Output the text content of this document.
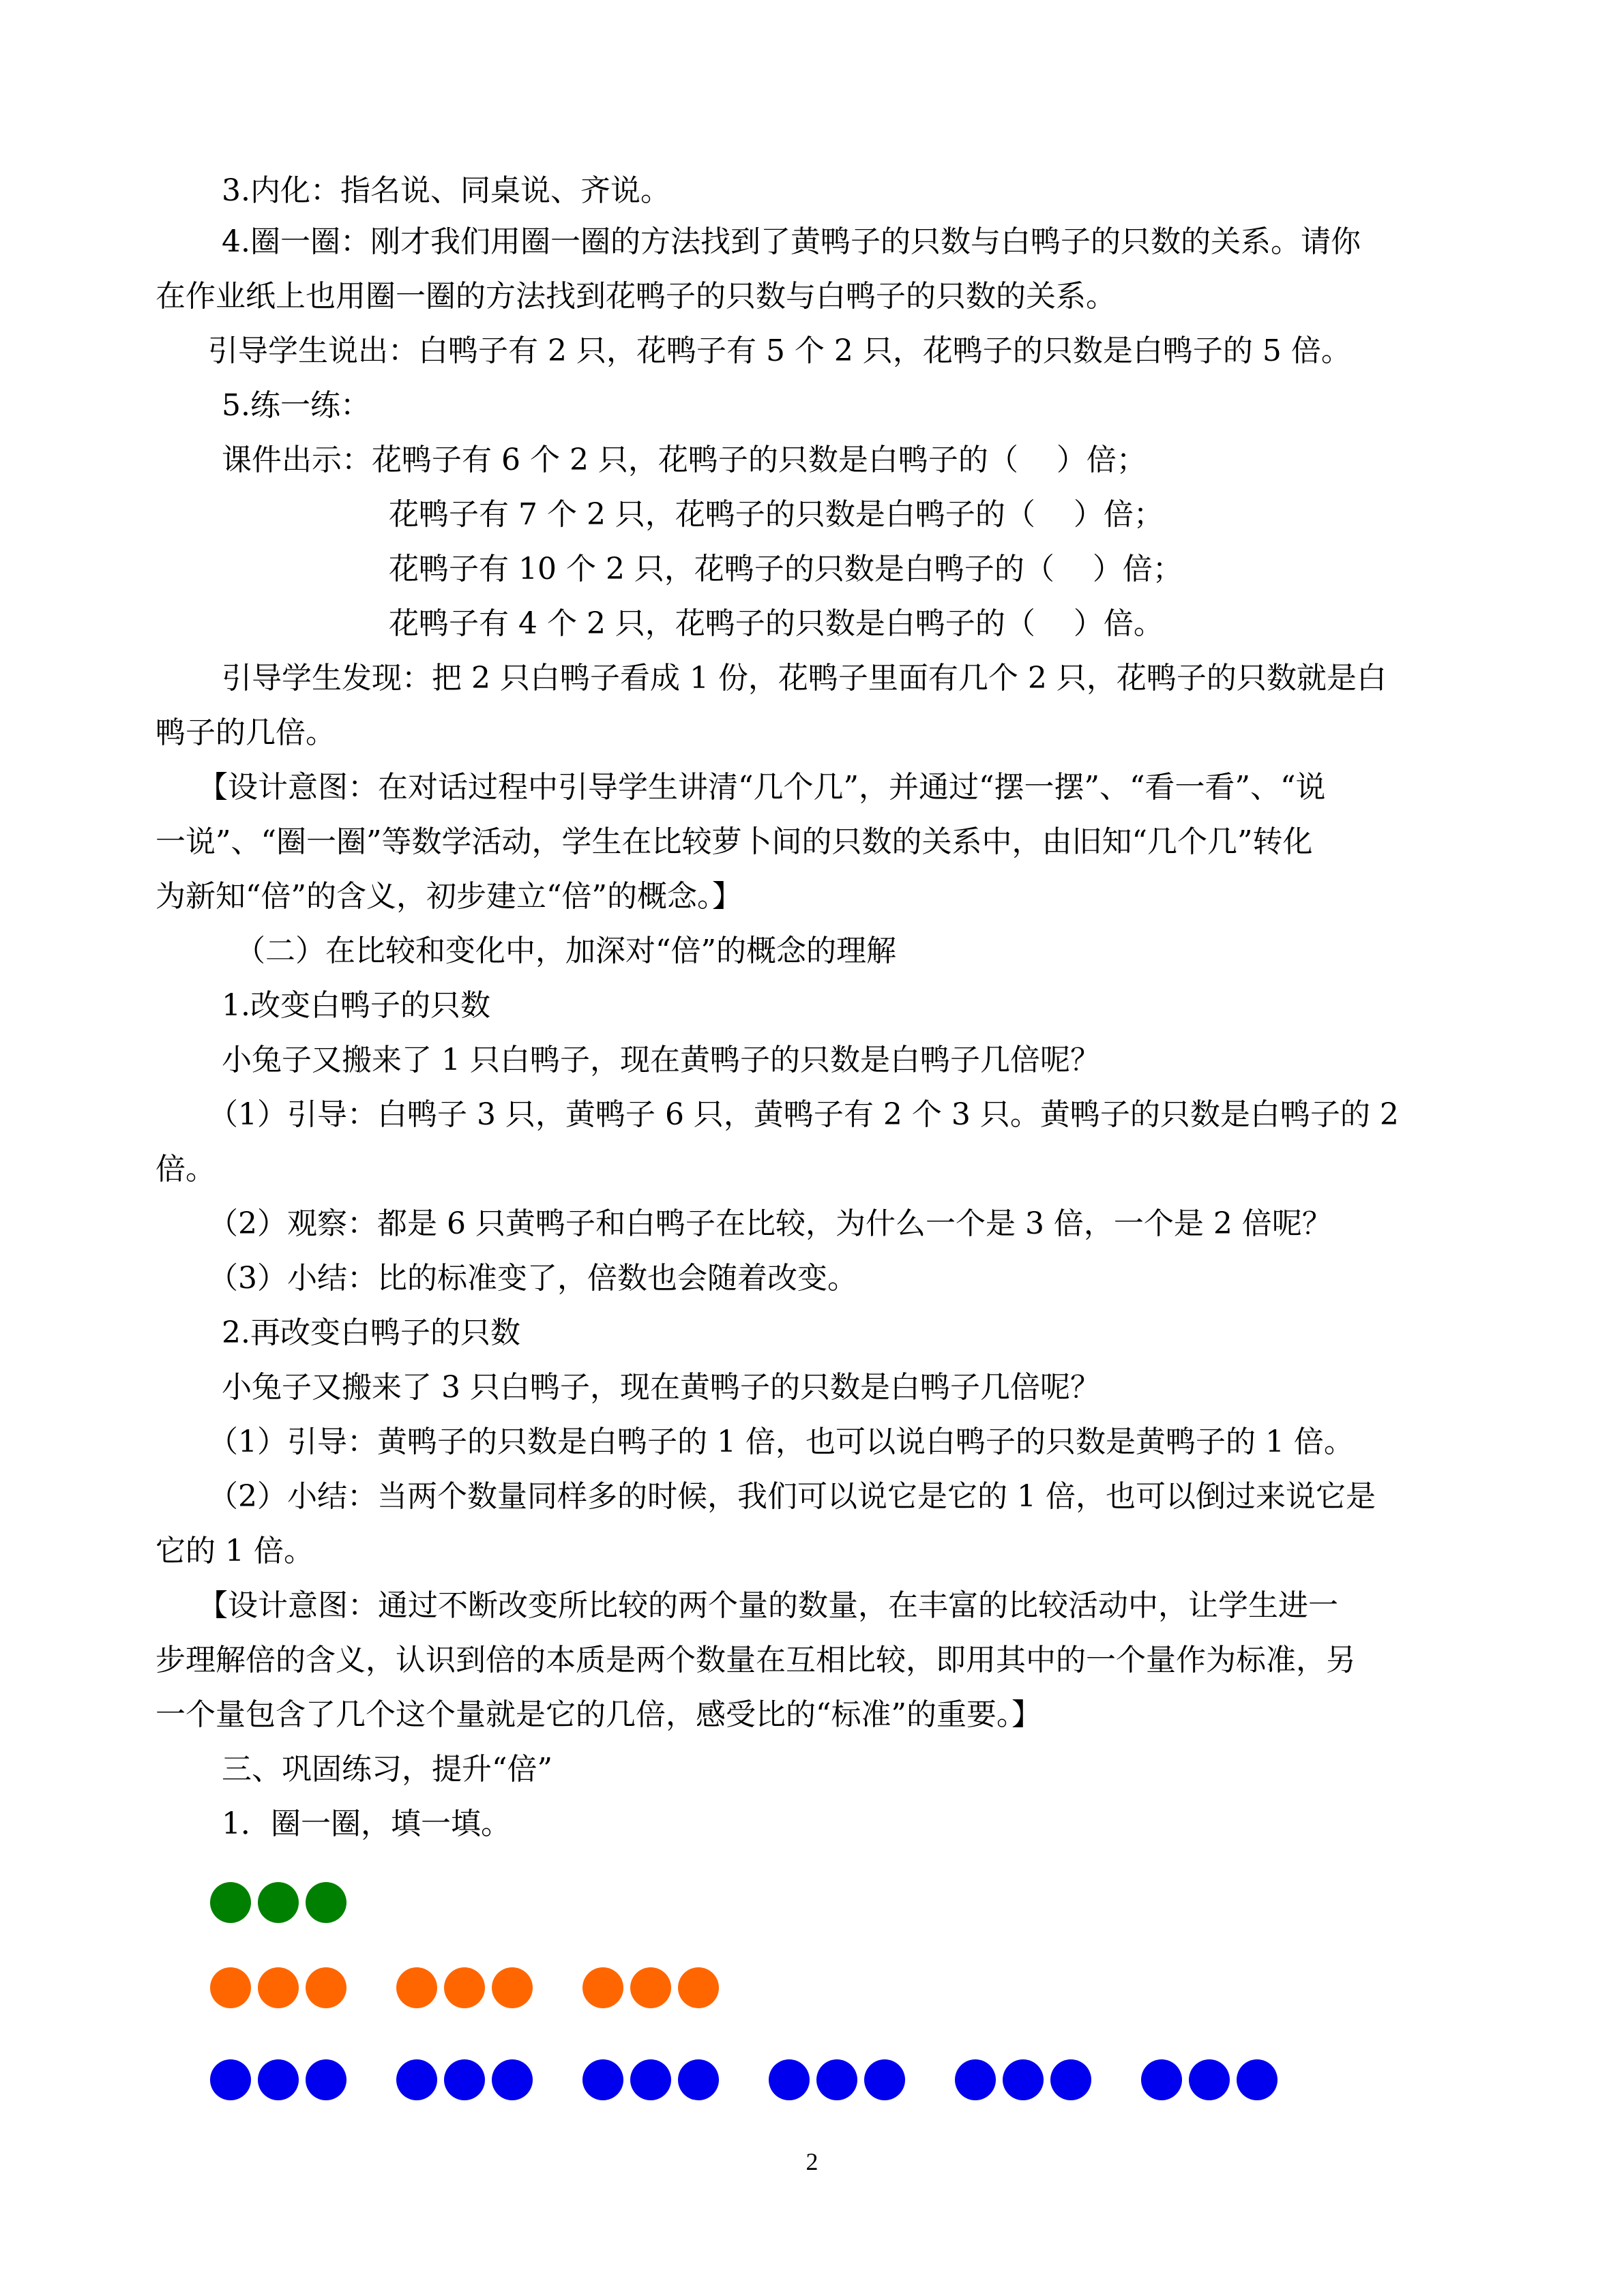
3.内化：指名说、同桌说、齐说。
4.圈一圈：刚才我们用圈一圈的方法找到了黄鸭子的只数与白鸭子的只数的关系。请你
在作业纸上也用圈一圈的方法找到花鸭子的只数与白鸭子的只数的关系。
引导学生说出：白鸭子有 2 只，花鸭子有 5 个 2 只，花鸭子的只数是白鸭子的 5 倍。
5.练一练：
课件出示：花鸭子有 6 个 2 只，花鸭子的只数是白鸭子的（    ）倍；
花鸭子有 7 个 2 只，花鸭子的只数是白鸭子的（    ）倍；
花鸭子有 10 个 2 只，花鸭子的只数是白鸭子的（    ）倍；
花鸭子有 4 个 2 只，花鸭子的只数是白鸭子的（    ）倍。
引导学生发现：把 2 只白鸭子看成 1 份，花鸭子里面有几个 2 只，花鸭子的只数就是白
鸭子的几倍。
【设计意图：在对话过程中引导学生讲清“几个几”，并通过“摆一摆”、“看一看”、“说
一说”、“圈一圈”等数学活动，学生在比较萝卜间的只数的关系中，由旧知“几个几”转化
为新知“倍”的含义，初步建立“倍”的概念。】
（二）在比较和变化中，加深对“倍”的概念的理解
1.改变白鸭子的只数
小兔子又搬来了 1 只白鸭子，现在黄鸭子的只数是白鸭子几倍呢？
（1）引导：白鸭子 3 只，黄鸭子 6 只，黄鸭子有 2 个 3 只。黄鸭子的只数是白鸭子的 2
倍。
（2）观察：都是 6 只黄鸭子和白鸭子在比较，为什么一个是 3 倍，一个是 2 倍呢？
（3）小结：比的标准变了，倍数也会随着改变。
2.再改变白鸭子的只数
小兔子又搬来了 3 只白鸭子，现在黄鸭子的只数是白鸭子几倍呢？
（1）引导：黄鸭子的只数是白鸭子的 1 倍，也可以说白鸭子的只数是黄鸭子的 1 倍。
（2）小结：当两个数量同样多的时候，我们可以说它是它的 1 倍，也可以倒过来说它是
它的 1 倍。
【设计意图：通过不断改变所比较的两个量的数量，在丰富的比较活动中，让学生进一
步理解倍的含义，认识到倍的本质是两个数量在互相比较，即用其中的一个量作为标准，另
一个量包含了几个这个量就是它的几倍，感受比的“标准”的重要。】
三、巩固练习，提升“倍”
1．圈一圈，填一填。
2
